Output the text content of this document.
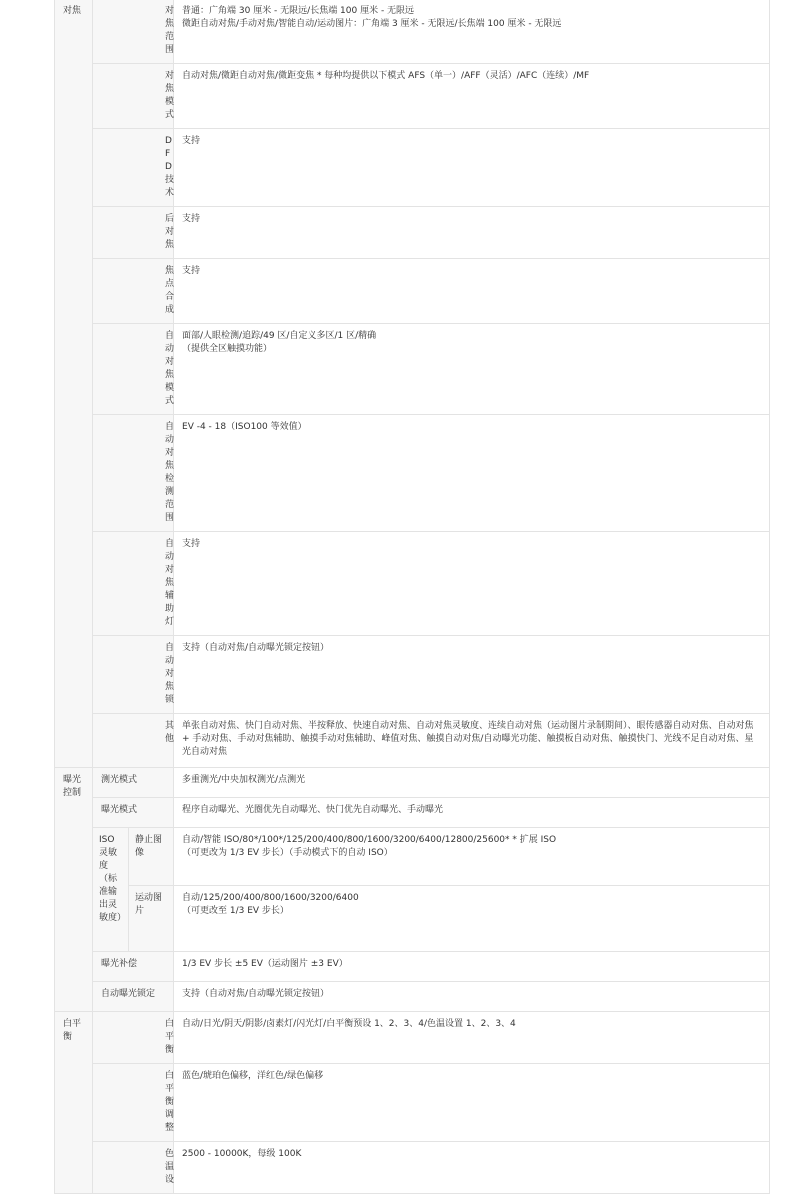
对焦	对焦范围		普通：广角端 30 厘米 - 无限远/长焦端 100 厘米 - 无限远
微距自动对焦/手动对焦/智能自动/运动图片：广角端 3 厘米 - 无限远/长焦端 100 厘米 - 无限远

	对焦模式		自动对焦/微距自动对焦/微距变焦 * 每种均提供以下模式 AFS（单一）/AFF（灵活）/AFC（连续）/MF

	DFD 技术		支持

	后对焦		支持

	焦点合成		支持

	自动对焦模式		面部/人眼检测/追踪/49 区/自定义多区/1 区/精确
（提供全区触摸功能）

	自动对焦检测范围		EV -4 - 18（ISO100 等效值）

	自动对焦辅助灯		支持

	自动对焦锁		支持（自动对焦/自动曝光锁定按钮）

	其他		单张自动对焦、快门自动对焦、半按释放、快速自动对焦、自动对焦灵敏度、连续自动对焦（运动图片录制期间）、眼传感器自动对焦、自动对焦 + 手动对焦、手动对焦辅助、触摸手动对焦辅助、峰值对焦、触摸自动对焦/自动曝光功能、触摸板自动对焦、触摸快门、光线不足自动对焦、星光自动对焦

曝光控制	测光模式		多重测光/中央加权测光/点测光
	曝光模式		程序自动曝光、光圈优先自动曝光、快门优先自动曝光、手动曝光
	ISO 灵敏度（标准输出灵敏度）	静止图像	自动/智能 ISO/80*/100*/125/200/400/800/1600/3200/6400/12800/25600* * 扩展 ISO
（可更改为 1/3 EV 步长）（手动模式下的自动 ISO）

		运动图片	自动/125/200/400/800/1600/3200/6400
（可更改至 1/3 EV 步长）

	曝光补偿		1/3 EV 步长 ±5 EV（运动图片 ±3 EV）
	自动曝光锁定		支持（自动对焦/自动曝光锁定按钮）
白平衡	白平衡		自动/日光/阴天/阴影/卤素灯/闪光灯/白平衡预设 1、2、3、4/色温设置 1、2、3、4
	白平衡调整		蓝色/琥珀色偏移，洋红色/绿色偏移
	色温设		2500 - 10000K，每级 100K
